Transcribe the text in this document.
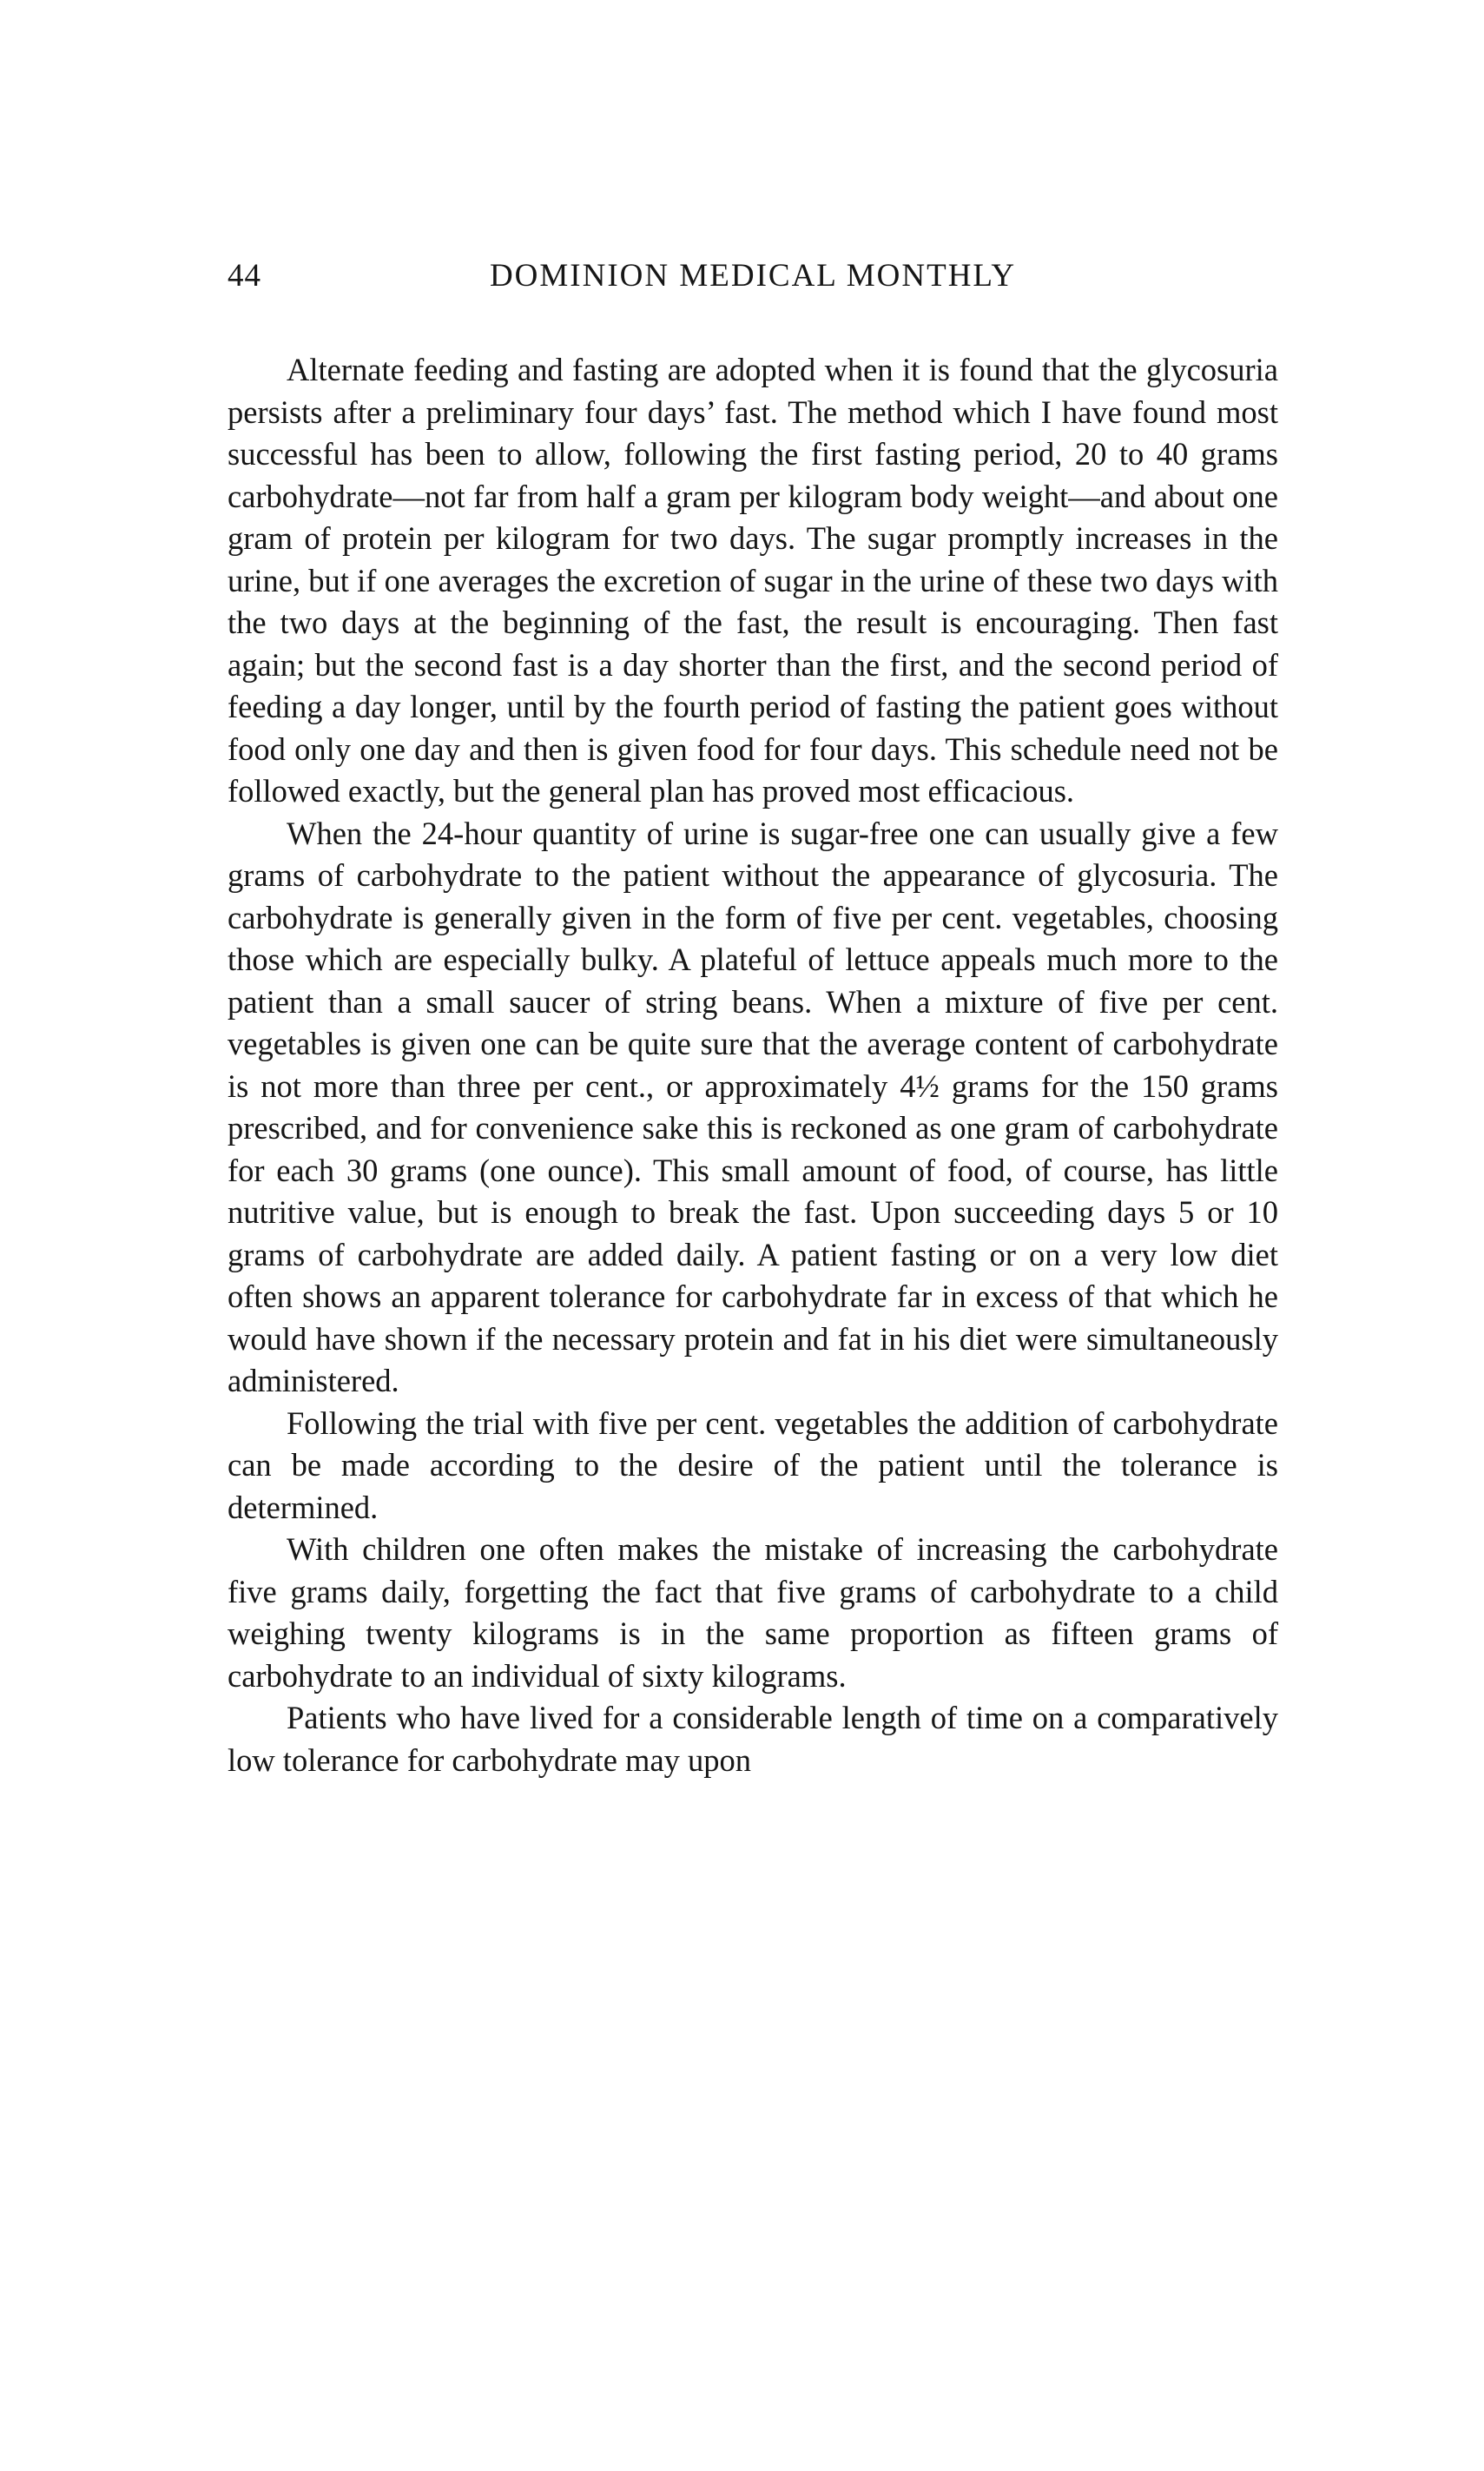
44	DOMINION MEDICAL MONTHLY

Alternate feeding and fasting are adopted when it is found that the glycosuria persists after a preliminary four days’ fast. The method which I have found most successful has been to allow, following the first fasting period, 20 to 40 grams carbohydrate—not far from half a gram per kilogram body weight—and about one gram of protein per kilogram for two days. The sugar promptly increases in the urine, but if one averages the excretion of sugar in the urine of these two days with the two days at the beginning of the fast, the result is encouraging. Then fast again; but the second fast is a day shorter than the first, and the second period of feeding a day longer, until by the fourth period of fasting the patient goes without food only one day and then is given food for four days. This schedule need not be followed exactly, but the general plan has proved most efficacious.

When the 24-hour quantity of urine is sugar-free one can usually give a few grams of carbohydrate to the patient without the appearance of glycosuria. The carbohydrate is generally given in the form of five per cent. vegetables, choosing those which are especially bulky. A plateful of lettuce appeals much more to the patient than a small saucer of string beans. When a mixture of five per cent. vegetables is given one can be quite sure that the average content of carbohydrate is not more than three per cent., or approximately 4½ grams for the 150 grams prescribed, and for convenience sake this is reckoned as one gram of carbohydrate for each 30 grams (one ounce). This small amount of food, of course, has little nutritive value, but is enough to break the fast. Upon succeeding days 5 or 10 grams of carbohydrate are added daily. A patient fasting or on a very low diet often shows an apparent tolerance for carbohydrate far in excess of that which he would have shown if the necessary protein and fat in his diet were simultaneously administered.

Following the trial with five per cent. vegetables the addition of carbohydrate can be made according to the desire of the patient until the tolerance is determined.

With children one often makes the mistake of increasing the carbohydrate five grams daily, forgetting the fact that five grams of carbohydrate to a child weighing twenty kilograms is in the same proportion as fifteen grams of carbohydrate to an individual of sixty kilograms.

Patients who have lived for a considerable length of time on a comparatively low tolerance for carbohydrate may upon
